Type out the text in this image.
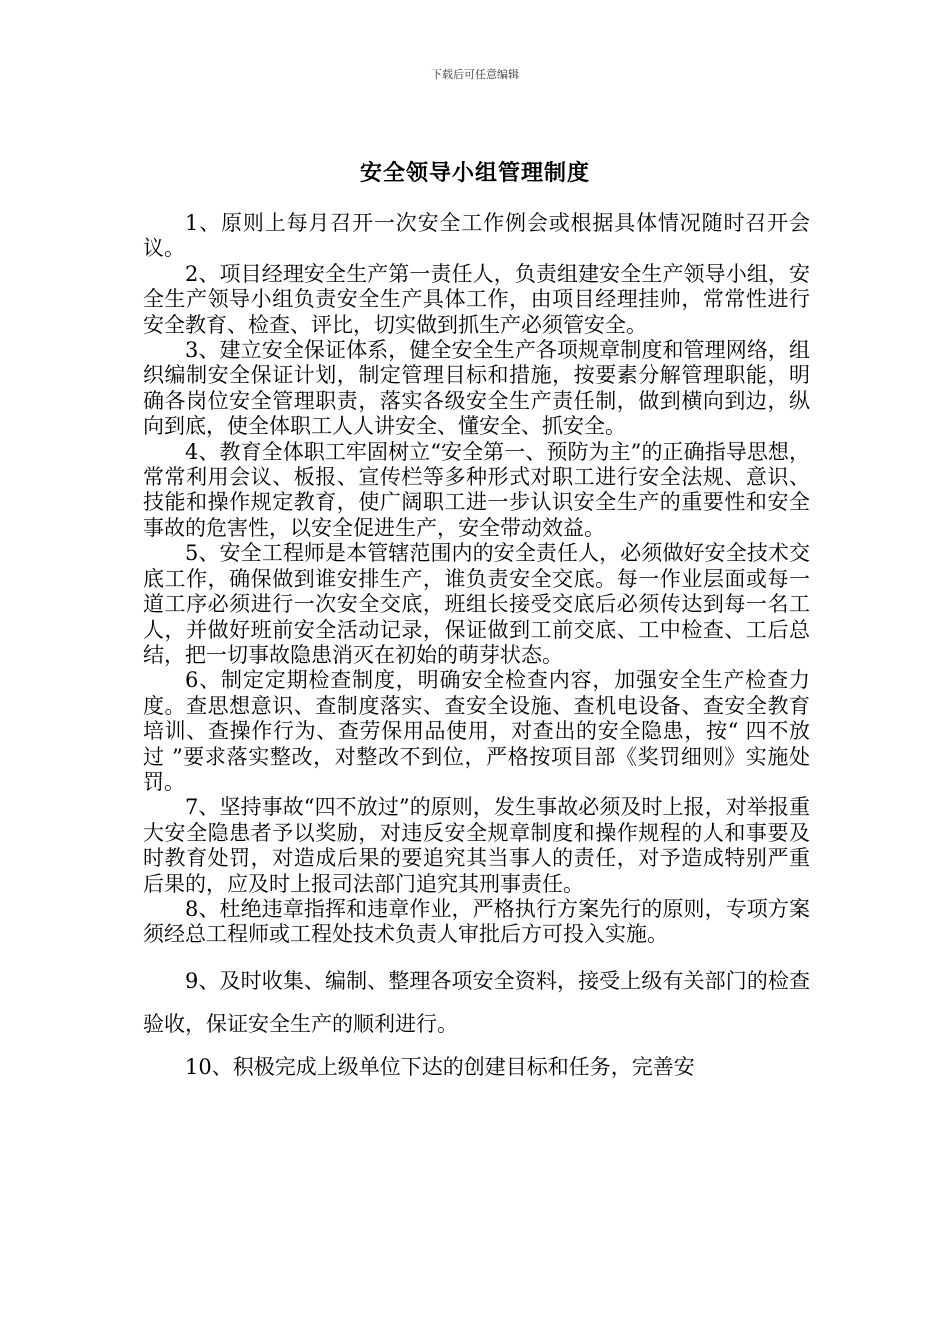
下载后可任意编辑
安全领导小组管理制度

1、原则上每月召开一次安全工作例会或根据具体情况随时召开会议。

2、项目经理安全生产第一责任人，负责组建安全生产领导小组，安全生产领导小组负责安全生产具体工作，由项目经理挂帅，常常性进行安全教育、检查、评比，切实做到抓生产必须管安全。

3、建立安全保证体系，健全安全生产各项规章制度和管理网络，组织编制安全保证计划，制定管理目标和措施，按要素分解管理职能，明确各岗位安全管理职责，落实各级安全生产责任制，做到横向到边，纵向到底，使全体职工人人讲安全、懂安全、抓安全。

4、教育全体职工牢固树立“安全第一、预防为主”的正确指导思想，常常利用会议、板报、宣传栏等多种形式对职工进行安全法规、意识、技能和操作规定教育，使广阔职工进一步认识安全生产的重要性和安全事故的危害性，以安全促进生产，安全带动效益。

5、安全工程师是本管辖范围内的安全责任人，必须做好安全技术交底工作，确保做到谁安排生产，谁负责安全交底。每一作业层面或每一道工序必须进行一次安全交底，班组长接受交底后必须传达到每一名工人，并做好班前安全活动记录，保证做到工前交底、工中检查、工后总结，把一切事故隐患消灭在初始的萌芽状态。

6、制定定期检查制度，明确安全检查内容，加强安全生产检查力度。查思想意识、查制度落实、查安全设施、查机电设备、查安全教育培训、查操作行为、查劳保用品使用，对查出的安全隐患，按“ 四不放过 ”要求落实整改，对整改不到位，严格按项目部《奖罚细则》实施处罚。

7、坚持事故“四不放过”的原则，发生事故必须及时上报，对举报重大安全隐患者予以奖励，对违反安全规章制度和操作规程的人和事要及时教育处罚，对造成后果的要追究其当事人的责任，对予造成特别严重后果的，应及时上报司法部门追究其刑事责任。

8、杜绝违章指挥和违章作业，严格执行方案先行的原则，专项方案须经总工程师或工程处技术负责人审批后方可投入实施。

9、及时收集、编制、整理各项安全资料，接受上级有关部门的检查验收，保证安全生产的顺利进行。

10、积极完成上级单位下达的创建目标和任务，完善安
